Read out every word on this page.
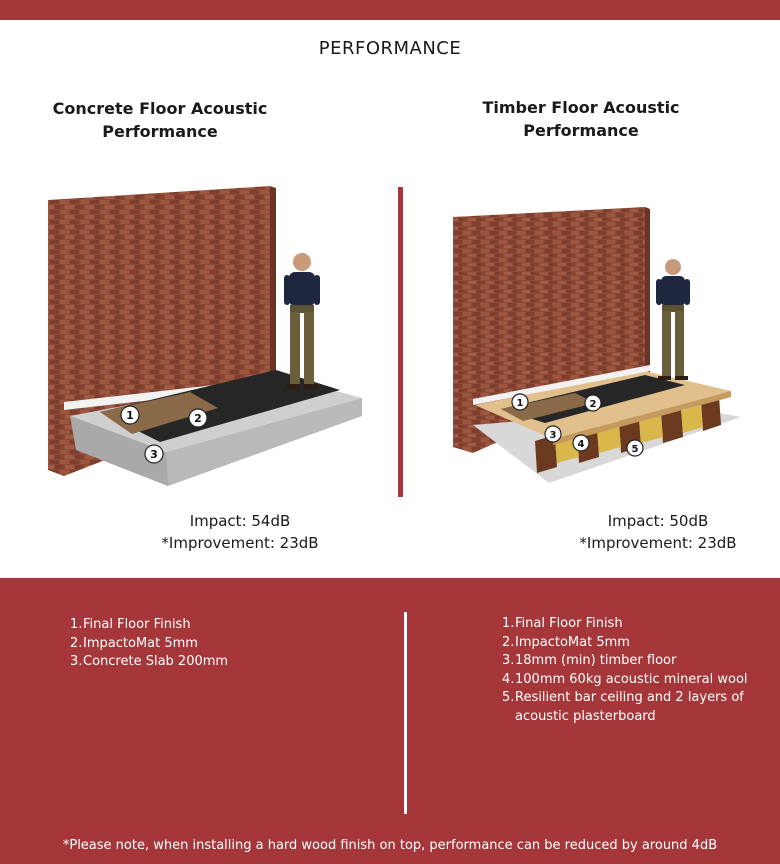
PERFORMANCE
Concrete Floor Acoustic
Performance
Timber Floor Acoustic
Performance
1	2
3
1	2
3
4	5
Impact: 54dB
*Improvement: 23dB
Impact: 50dB
*Improvement: 23dB
1. Final Floor Finish
2. ImpactoMat 5mm
3. Concrete Slab 200mm
1. Final Floor Finish
2. ImpactoMat 5mm
3. 18mm (min) timber floor
4. 100mm 60kg acoustic mineral wool
5. Resilient bar ceiling and 2 layers of acoustic plasterboard
*Please note, when installing a hard wood finish on top, performance can be reduced by around 4dB
